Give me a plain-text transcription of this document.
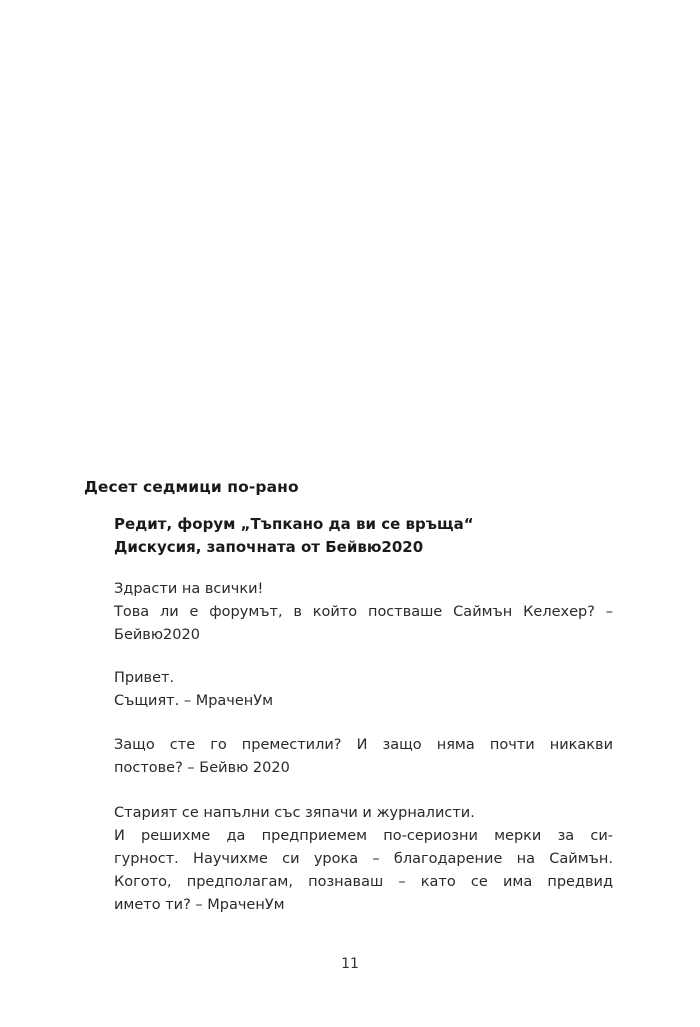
Десет седмици по-рано
Редит, форум „Тъпкано да ви се връща“
Дискусия, започната от Бейвю2020
Здрасти на всички!
Това ли е форумът, в който постваше Саймън Келехер? –
Бейвю2020
Привет.
Същият. – МраченУм
Защо сте го преместили? И защо няма почти никакви
постове? – Бейвю 2020
Старият се напълни със зяпачи и журналисти.
И решихме да предприемем по-сериозни мерки за си-
гурност. Научихме си урока – благодарение на Саймън.
Когото, предполагам, познаваш – като се има предвид
името ти? – МраченУм
11
